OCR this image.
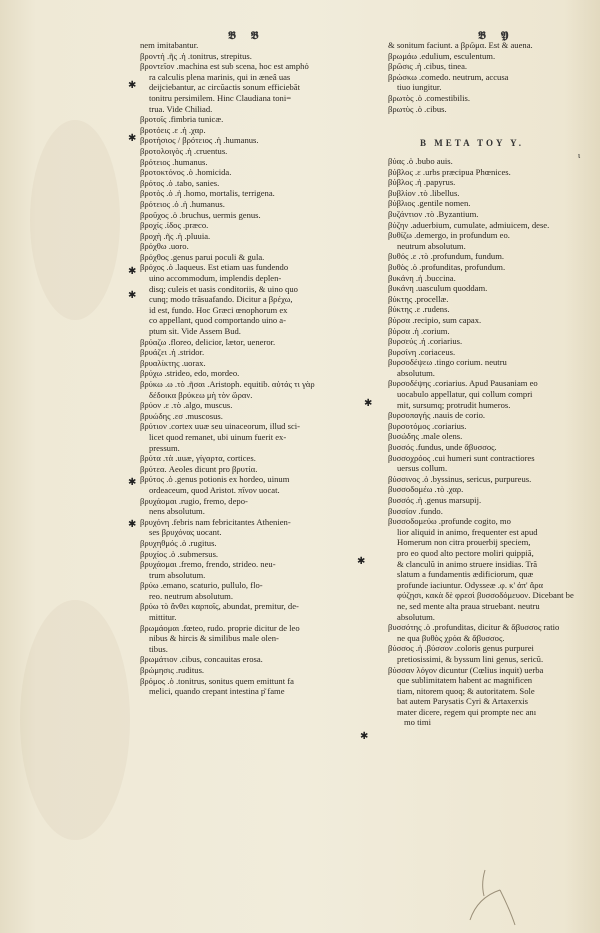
𝕭 𝕭	𝕭 𝖄
✱
✱
✱
✱
✱
✱
✱
✱
✱
ι
nem imitabantur.
βροντή .ῆς .ἡ .tonitrus, strepitus.
βροντεῖον .machina est sub scena, hoc est amphό
ra calculis plena marinis, qui in æneâ uas
deijciebantur, ac circũactis sonum efficiebăt
tonitru persimilem. Hinc Claudiana toni=
trua. Vide Chiliad.
βροτοῖς .fimbria tunicæ.
βροτόεις .ε .ἡ .χαρ.
βροτήσιος / βρότειος .ἡ .humanus.
βροτολοιγὸς .ἡ .cruentus.
βρότειος .humanus.
βροτοκτόνος .ὁ .homicida.
βρότος .ὁ .tabo, sanies.
βροτὸς .ὁ .ἡ .homo, mortalis, terrigena.
βρότειος .ὁ .ἡ .humanus.
βροῦχος .ὁ .bruchus, uermis genus.
βροχίς .ίδος .præco.
βροχὴ .ῆς .ἡ .pluuia.
βρόχθω .uoro.
βρόχθος .genus parui poculi & gula.
βρόχος .ὁ .laqueus. Est etiam uas fundendo
uino accommodum, implendis deplen-
disq; culeis et uasis conditoriis, & uino quo
cunq; modo trãsuafando. Dicitur a βρέχω,
id est, fundo. Hoc Græci œnophorum ex
co appellant, quod comportando uino a-
ptum sit. Vide Assem Bud.
βρύαζω .floreo, delicior, lætor, ueneror.
βρυάζει .ἡ .stridor.
βρυαλίκτης .uorax.
βρύχω .strideo, edo, mordeo.
βρύκω .ω .τὸ .ῆσαι .Aristoph. equitib. αὐτάς τι γὰρ
δέδοικα βρύκεω μὴ τὸν ὥραν.
βρύον .ε .τὸ .algo, muscus.
βρυώδης .εσ .muscosus.
βρύτιον .cortex uuæ seu uinaceorum, illud sci-
licet quod remanet, ubi uinum fuerit ex-
pressum.
βρύτα .τὰ .uuæ, γίγαρτα, cortices.
βρύτεα. Aeoles dicunt pro βρυτία.
βρύτος .ὁ .genus potionis ex hordeo, uinum
ordeaceum, quod Aristot. πῖνον uocat.
βρυχάομαι .rugio, fremo, depo-
nens absolutum.
βρυχόνη .febris nam febricitantes Athenien-
ses βρυχόνας uocant.
βρυχηθμός .ὁ .rugitus.
βρυχίος .ὁ .submersus.
βρυχάομαι .fremo, frendo, strideo. neu-
trum absolutum.
βρύω .emano, scaturio, pullulo, flo-
reo. neutrum absolutum.
βρύω τὸ ἄνθει καρποῖς, abundat, premitur, de-
mittitur.
βρωμάομαι .fœteo, rudo. proprie dicitur de leo
nibus & hircis & similibus male olen-
tibus.
βρωμάτιον .cibus, concauitas erosa.
βρώμησις .ruditus.
βρόμος .ὁ .tonitrus, sonitus quem emittunt fa
melici, quando crepant intestina p͂ fame
& sonitum faciunt. a βρῶμα. Est & auena.
βρωμάω .edulium, esculentum.
βρῶσις .ἡ .cibus, tinea.
βρώσκω .comedo. neutrum, accusa
tiuo iungitur.
βρωτὸς .ὁ .comestibilis.
βρωτὺς .ὁ .cibus.
B META TOY Y.
βύας .ὁ .bubo auis.
βύβλος .ε .urbs præcipua Phœnices.
βύβλος .ἡ .papyrus.
βυβλίον .τὸ .libellus.
βύβλιος .gentile nomen.
βυζάντιον .τὸ .Byzantium.
βύζην .aduerbium, cumulate, admiuicem, dese.
βυθίζω .demergo, in profundum eo.
neutrum absolutum.
βυθός .ε .τὸ .profundum, fundum.
βυθὸς .ὁ .profunditas, profundum.
βυκάνη .ἡ .buccina.
βυκάνη .uasculum quoddam.
βύκτης .procellæ.
βύκτης .ε .rudens.
βύρσα .recipio, sum capax.
βύρσα .ἡ .corium.
βυρσεύς .ἡ .coriarius.
βυρσίνη .coriaceus.
βυρσοδέψεω .tingo corium. neutru
absolutum.
βυρσοδέψης .coriarius. Apud Pausaniam eo
uocabulo appellatur, qui collum compri
mit, sursumq; protrudit humeros.
βυρσοπαγής .nauis de corio.
βυρσοτόμος .coriarius.
βυσώδης .male olens.
βυσσός .fundus, unde ἄβυσσος.
βυσσοχρόος .cui humeri sunt contractiores
uersus collum.
βύσσινος .ὁ .byssinus, sericus, purpureus.
βυσσοδομέω .τὸ .χαρ.
βυσσός .ἡ .genus marsupij.
βυσσίον .fundo.
βυσσοδομεύω .profunde cogito, mo
lior aliquid in animo, frequenter est apud
Homerum non citra prouerbij speciem,
pro eo quod alto pectore moliri quippiã,
& clanculũ in animo struere insidias. Trã
slatum a fundamentis ædificiorum, quæ
profunde iaciuntur. Odysseæ .φ. κ' ἀπ' ἄρα
φύζῃσι, κακὰ δὲ φρεσὶ βυσσοδόμευον. Dicebant be
ne, sed mente alta praua struebant. neutru
absolutum.
βυσσότης .ὁ .profunditas, dicitur & ἄβυσσος ratio
ne qua βυθὸς χρόα & ἄβυσσος.
βύσσος .ἡ .βύσσον .coloris genus purpurei
pretiosissimi, & byssum lini genus, sericũ.
βύσσαν λόγον dicuntur (Cœlius inquit) uerba
que sublimitatem habent ac magnificen
tiam, nitorem quoq; & autoritatem. Sole
bat autem Parysatis Cyri & Artaxerxis
mater dicere, regem qui prompte nec anı
mo timi
